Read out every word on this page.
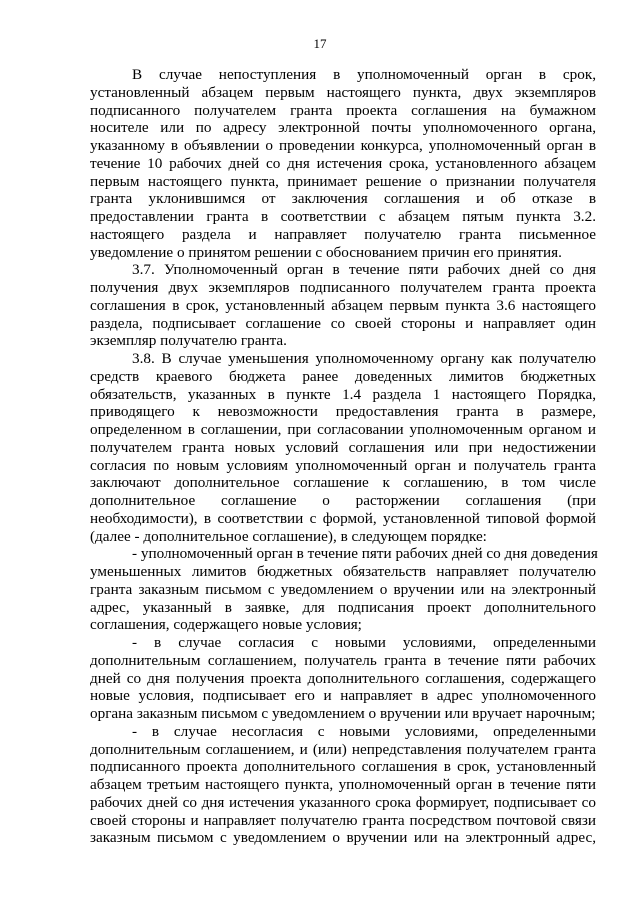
17
В случае непоступления в уполномоченный орган в срок,
установленный абзацем первым настоящего пункта, двух экземпляров
подписанного получателем гранта проекта соглашения на бумажном
носителе или по адресу электронной почты уполномоченного органа,
указанному в объявлении о проведении конкурса, уполномоченный орган в
течение 10 рабочих дней со дня истечения срока, установленного абзацем
первым настоящего пункта, принимает решение о признании получателя
гранта уклонившимся от заключения соглашения и об отказе в
предоставлении гранта в соответствии с абзацем пятым пункта 3.2.
настоящего раздела и направляет получателю гранта письменное
уведомление о принятом решении с обоснованием причин его принятия.
3.7. Уполномоченный орган в течение пяти рабочих дней со дня
получения двух экземпляров подписанного получателем гранта проекта
соглашения в срок, установленный абзацем первым пункта 3.6 настоящего
раздела, подписывает соглашение со своей стороны и направляет один
экземпляр получателю гранта.
3.8. В случае уменьшения уполномоченному органу как получателю
средств краевого бюджета ранее доведенных лимитов бюджетных
обязательств, указанных в пункте 1.4 раздела 1 настоящего Порядка,
приводящего к невозможности предоставления гранта в размере,
определенном в соглашении, при согласовании уполномоченным органом и
получателем гранта новых условий соглашения или при недостижении
согласия по новым условиям уполномоченный орган и получатель гранта
заключают дополнительное соглашение к соглашению, в том числе
дополнительное соглашение о расторжении соглашения (при
необходимости), в соответствии с формой, установленной типовой формой
(далее - дополнительное соглашение), в следующем порядке:
- уполномоченный орган в течение пяти рабочих дней со дня доведения
уменьшенных лимитов бюджетных обязательств направляет получателю
гранта заказным письмом с уведомлением о вручении или на электронный
адрес, указанный в заявке, для подписания проект дополнительного
соглашения, содержащего новые условия;
- в случае согласия с новыми условиями, определенными
дополнительным соглашением, получатель гранта в течение пяти рабочих
дней со дня получения проекта дополнительного соглашения, содержащего
новые условия, подписывает его и направляет в адрес уполномоченного
органа заказным письмом с уведомлением о вручении или вручает нарочным;
- в случае несогласия с новыми условиями, определенными
дополнительным соглашением, и (или) непредставления получателем гранта
подписанного проекта дополнительного соглашения в срок, установленный
абзацем третьим настоящего пункта, уполномоченный орган в течение пяти
рабочих дней со дня истечения указанного срока формирует, подписывает со
своей стороны и направляет получателю гранта посредством почтовой связи
заказным письмом с уведомлением о вручении или на электронный адрес,
